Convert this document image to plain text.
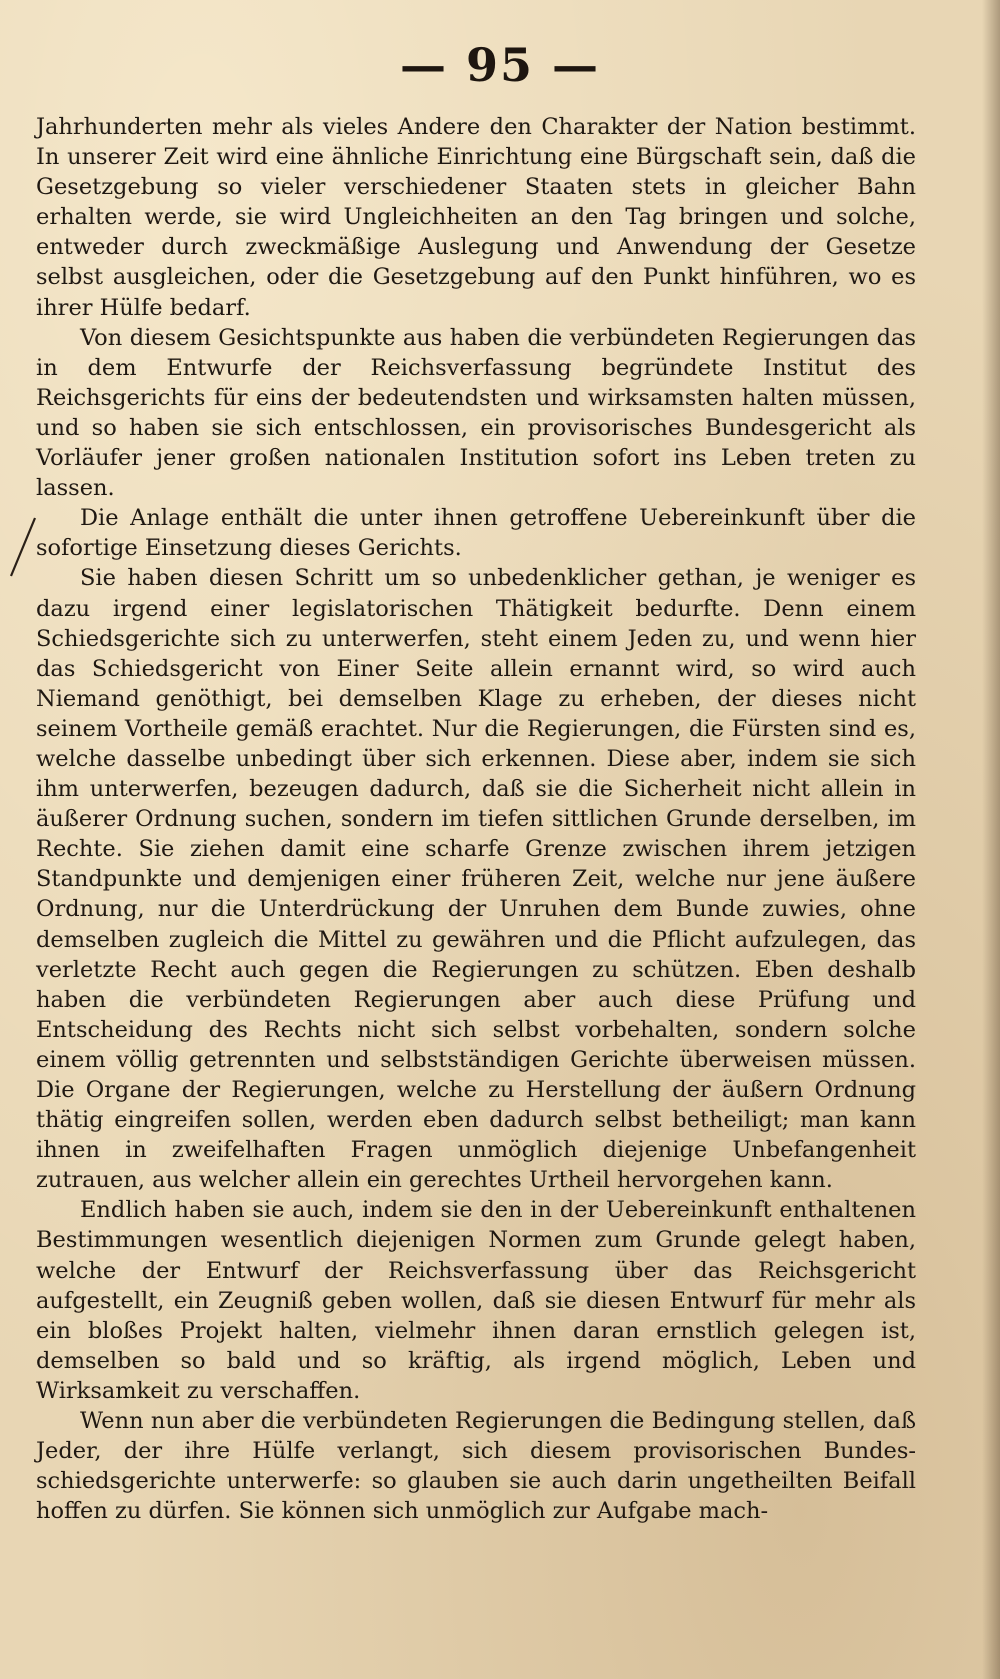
— 95 —

Jahrhunderten mehr als vieles Andere den Charakter der Nation bestimmt. In unserer Zeit wird eine ähnliche Einrichtung eine Bürgschaft sein, daß die Gesetzgebung so vieler verschiedener Staaten stets in gleicher Bahn erhalten werde, sie wird Ungleichheiten an den Tag bringen und solche, entweder durch zweckmäßige Auslegung und Anwendung der Gesetze selbst ausgleichen, oder die Gesetzgebung auf den Punkt hinführen, wo es ihrer Hülfe bedarf.

Von diesem Gesichtspunkte aus haben die verbündeten Regierungen das in dem Entwurfe der Reichsverfassung begründete Institut des Reichsgerichts für eins der bedeutendsten und wirksamsten halten müssen, und so haben sie sich entschlossen, ein provisorisches Bundesgericht als Vorläufer jener großen nationalen Institution sofort ins Leben treten zu lassen.

Die Anlage enthält die unter ihnen getroffene Uebereinkunft über die sofortige Einsetzung dieses Gerichts.

Sie haben diesen Schritt um so unbedenklicher gethan, je weniger es dazu irgend einer legislatorischen Thätigkeit bedurfte. Denn einem Schiedsgerichte sich zu unterwerfen, steht einem Jeden zu, und wenn hier das Schiedsgericht von Einer Seite allein ernannt wird, so wird auch Niemand genöthigt, bei demselben Klage zu erheben, der dieses nicht seinem Vortheile gemäß erachtet. Nur die Regierungen, die Fürsten sind es, welche dasselbe unbedingt über sich erkennen. Diese aber, indem sie sich ihm unterwerfen, bezeugen dadurch, daß sie die Sicherheit nicht allein in äußerer Ordnung suchen, sondern im tiefen sittlichen Grunde derselben, im Rechte. Sie ziehen damit eine scharfe Grenze zwischen ihrem jetzigen Standpunkte und demjenigen einer früheren Zeit, welche nur jene äußere Ordnung, nur die Unterdrückung der Unruhen dem Bunde zuwies, ohne demselben zugleich die Mittel zu gewähren und die Pflicht aufzulegen, das verletzte Recht auch gegen die Regierungen zu schützen. Eben deshalb haben die verbündeten Regierungen aber auch diese Prüfung und Entscheidung des Rechts nicht sich selbst vorbehalten, sondern solche einem völlig getrennten und selbstständigen Gerichte überweisen müssen. Die Organe der Regierungen, welche zu Herstellung der äußern Ordnung thätig eingreifen sollen, werden eben dadurch selbst betheiligt; man kann ihnen in zweifelhaften Fragen unmöglich diejenige Unbefangenheit zutrauen, aus welcher allein ein gerechtes Urtheil hervorgehen kann.

Endlich haben sie auch, indem sie den in der Uebereinkunft enthaltenen Bestimmungen wesentlich diejenigen Normen zum Grunde gelegt haben, welche der Entwurf der Reichsverfassung über das Reichsgericht aufgestellt, ein Zeugniß geben wollen, daß sie diesen Entwurf für mehr als ein bloßes Projekt halten, vielmehr ihnen daran ernstlich gelegen ist, demselben so bald und so kräftig, als irgend möglich, Leben und Wirksamkeit zu verschaffen.

Wenn nun aber die verbündeten Regierungen die Bedingung stellen, daß Jeder, der ihre Hülfe verlangt, sich diesem provisorischen Bundesschiedsgerichte unterwerfe: so glauben sie auch darin ungetheilten Beifall hoffen zu dürfen. Sie können sich unmöglich zur Aufgabe mach-
